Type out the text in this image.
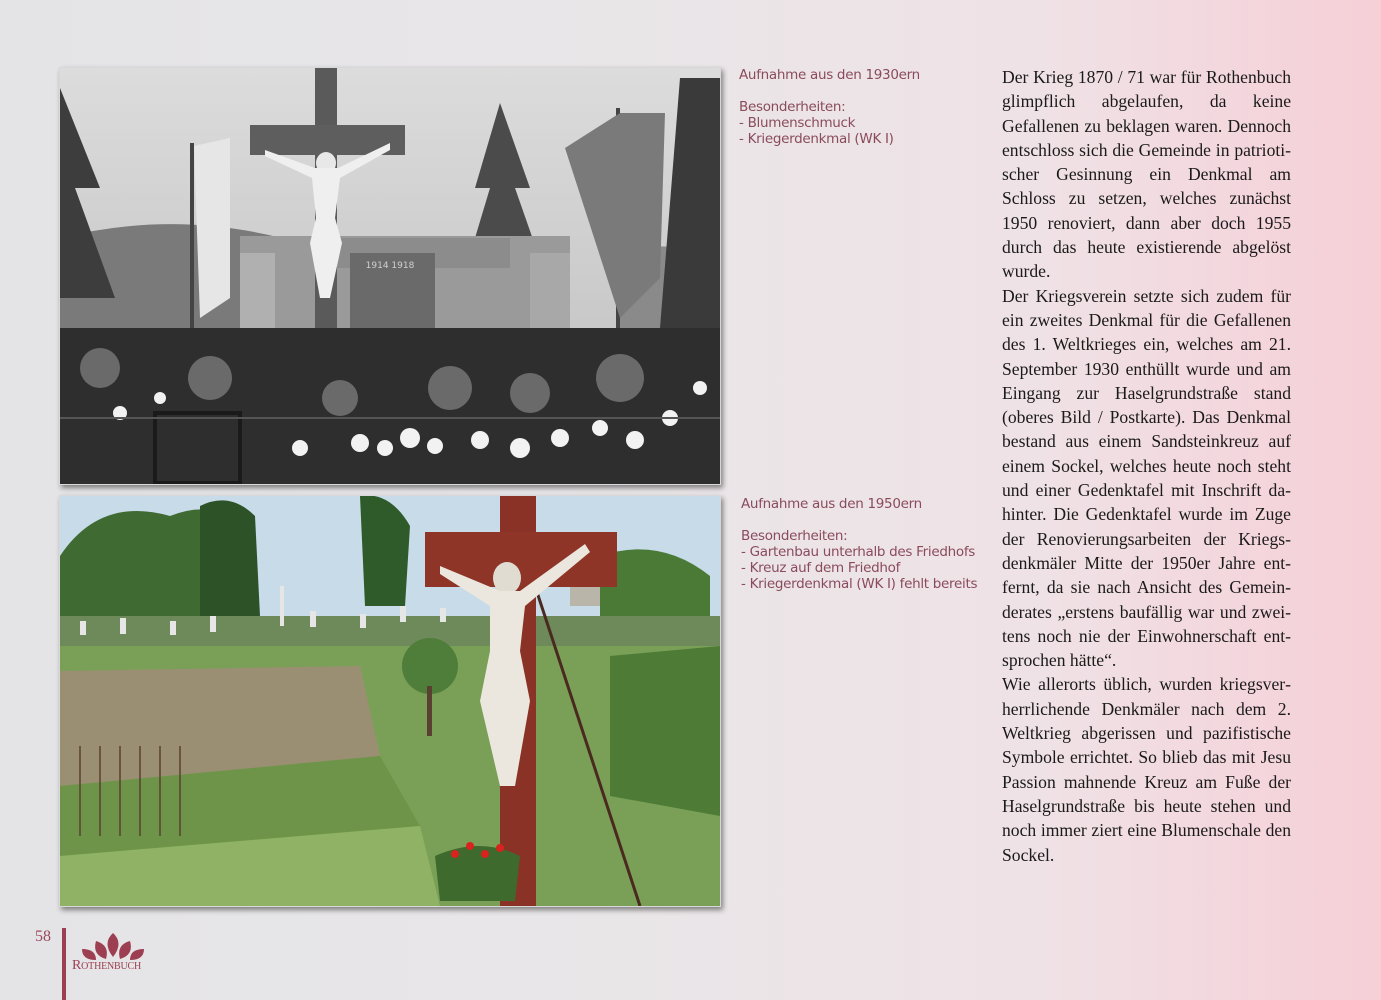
1914 1918
Aufnahme aus den 1930ern
Besonderheiten:
- Blumenschmuck
- Kriegerdenkmal (WK I)
Aufnahme aus den 1950ern
Besonderheiten:
- Gartenbau unterhalb des Friedhofs
- Kreuz auf dem Friedhof
- Kriegerdenkmal (WK I) fehlt bereits

Der Krieg 1870 / 71 war für Rothenbuch glimpflich abgelaufen, da keine Gefallenen zu beklagen waren. Dennoch entschloss sich die Gemeinde in patriotischer Gesinnung ein Denkmal am Schloss zu setzen, welches zunächst 1950 renoviert, dann aber doch 1955 durch das heute existierende abgelöst wurde.

Der Kriegsverein setzte sich zudem für ein zweites Denkmal für die Gefallenen des 1. Weltkrieges ein, welches am 21. September 1930 enthüllt wurde und am Eingang zur Haselgrundstraße stand (oberes Bild / Postkarte). Das Denkmal bestand aus einem Sandsteinkreuz auf einem Sockel, welches heute noch steht und einer Gedenktafel mit Inschrift dahinter. Die Gedenktafel wurde im Zuge der Renovierungsarbeiten der Kriegsdenkmäler Mitte der 1950er Jahre entfernt, da sie nach Ansicht des Gemeinderates „erstens baufällig war und zweitens noch nie der Einwohnerschaft entsprochen hätte“.

Wie allerorts üblich, wurden kriegsverherrlichende Denkmäler nach dem 2. Weltkrieg abgerissen und pazifistische Symbole errichtet. So blieb das mit Jesu Passion mahnende Kreuz am Fuße der Haselgrundstraße bis heute stehen und noch immer ziert eine Blumenschale den Sockel.

58
Rothenbuch
